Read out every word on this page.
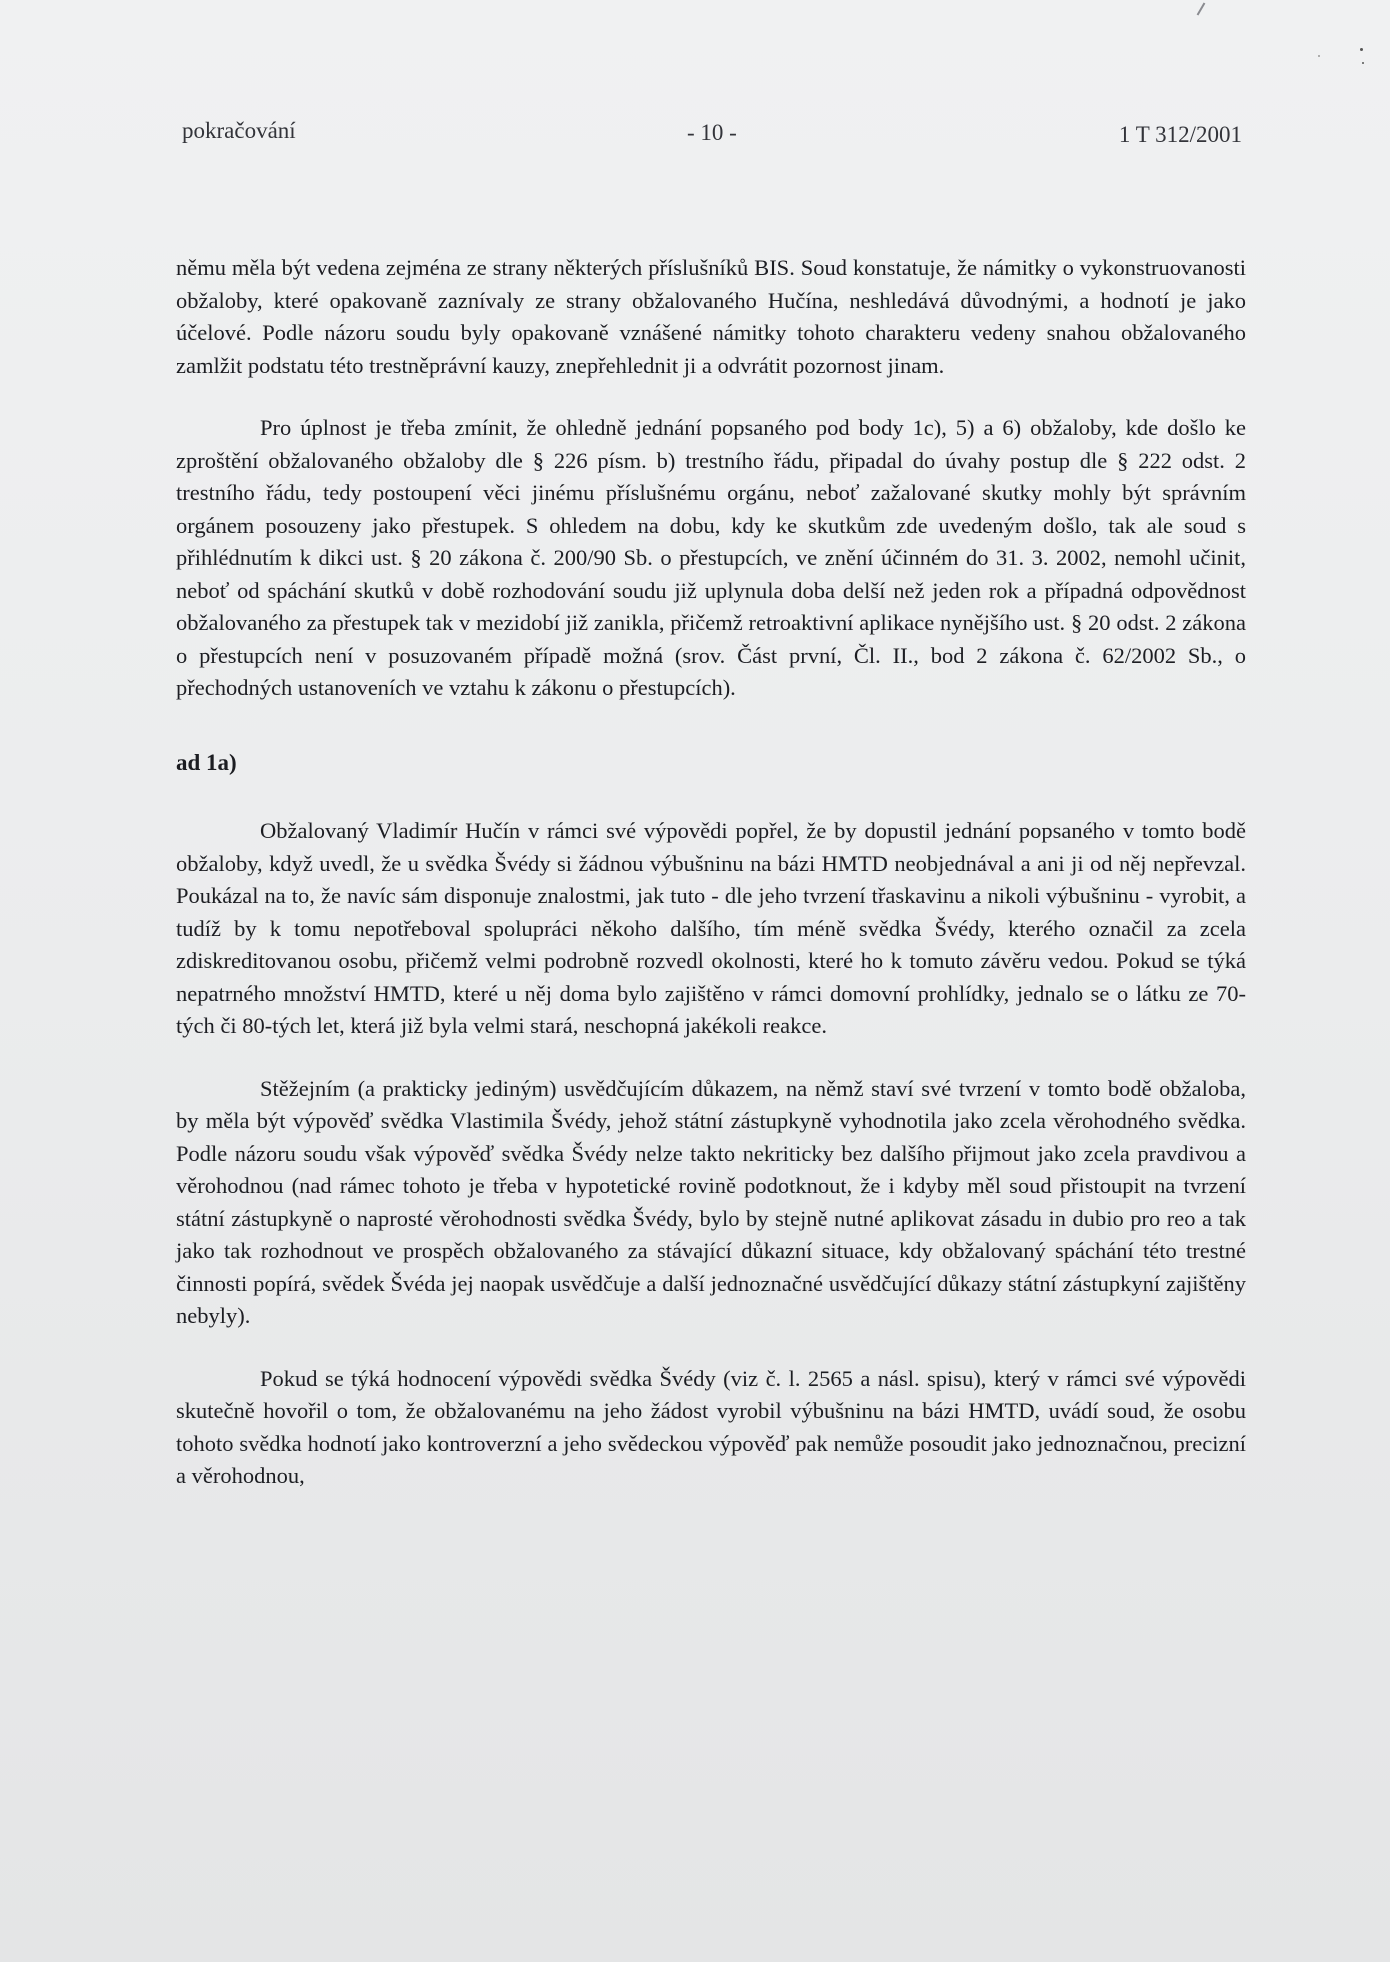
pokračování	- 10 -	1 T 312/2001

němu měla být vedena zejména ze strany některých příslušníků BIS. Soud konstatuje, že námitky o vykonstruovanosti obžaloby, které opakovaně zaznívaly ze strany obžalovaného Hučína, neshledává důvodnými, a hodnotí je jako účelové. Podle názoru soudu byly opakovaně vznášené námitky tohoto charakteru vedeny snahou obžalovaného zamlžit podstatu této trestněprávní kauzy, znepřehlednit ji a odvrátit pozornost jinam.

Pro úplnost je třeba zmínit, že ohledně jednání popsaného pod body 1c), 5) a 6) obžaloby, kde došlo ke zproštění obžalovaného obžaloby dle § 226 písm. b) trestního řádu, připadal do úvahy postup dle § 222 odst. 2 trestního řádu, tedy postoupení věci jinému příslušnému orgánu, neboť zažalované skutky mohly být správním orgánem posouzeny jako přestupek. S ohledem na dobu, kdy ke skutkům zde uvedeným došlo, tak ale soud s přihlédnutím k dikci ust. § 20 zákona č. 200/90 Sb. o přestupcích, ve znění účinném do 31. 3. 2002, nemohl učinit, neboť od spáchání skutků v době rozhodování soudu již uplynula doba delší než jeden rok a případná odpovědnost obžalovaného za přestupek tak v mezidobí již zanikla, přičemž retroaktivní aplikace nynějšího ust. § 20 odst. 2 zákona o přestupcích není v posuzovaném případě možná (srov. Část první, Čl. II., bod 2 zákona č. 62/2002 Sb., o přechodných ustanoveních ve vztahu k zákonu o přestupcích).

ad 1a)

Obžalovaný Vladimír Hučín v rámci své výpovědi popřel, že by dopustil jednání popsaného v tomto bodě obžaloby, když uvedl, že u svědka Švédy si žádnou výbušninu na bázi HMTD neobjednával a ani ji od něj nepřevzal. Poukázal na to, že navíc sám disponuje znalostmi, jak tuto - dle jeho tvrzení třaskavinu a nikoli výbušninu - vyrobit, a tudíž by k tomu nepotřeboval spolupráci někoho dalšího, tím méně svědka Švédy, kterého označil za zcela zdiskreditovanou osobu, přičemž velmi podrobně rozvedl okolnosti, které ho k tomuto závěru vedou. Pokud se týká nepatrného množství HMTD, které u něj doma bylo zajištěno v rámci domovní prohlídky, jednalo se o látku ze 70-tých či 80-tých let, která již byla velmi stará, neschopná jakékoli reakce.

Stěžejním (a prakticky jediným) usvědčujícím důkazem, na němž staví své tvrzení v tomto bodě obžaloba, by měla být výpověď svědka Vlastimila Švédy, jehož státní zástupkyně vyhodnotila jako zcela věrohodného svědka. Podle názoru soudu však výpověď svědka Švédy nelze takto nekriticky bez dalšího přijmout jako zcela pravdivou a věrohodnou (nad rámec tohoto je třeba v hypotetické rovině podotknout, že i kdyby měl soud přistoupit na tvrzení státní zástupkyně o naprosté věrohodnosti svědka Švédy, bylo by stejně nutné aplikovat zásadu in dubio pro reo a tak jako tak rozhodnout ve prospěch obžalovaného za stávající důkazní situace, kdy obžalovaný spáchání této trestné činnosti popírá, svědek Švéda jej naopak usvědčuje a další jednoznačné usvědčující důkazy státní zástupkyní zajištěny nebyly).

Pokud se týká hodnocení výpovědi svědka Švédy (viz č. l. 2565 a násl. spisu), který v rámci své výpovědi skutečně hovořil o tom, že obžalovanému na jeho žádost vyrobil výbušninu na bázi HMTD, uvádí soud, že osobu tohoto svědka hodnotí jako kontroverzní a jeho svědeckou výpověď pak nemůže posoudit jako jednoznačnou, precizní a věrohodnou,
